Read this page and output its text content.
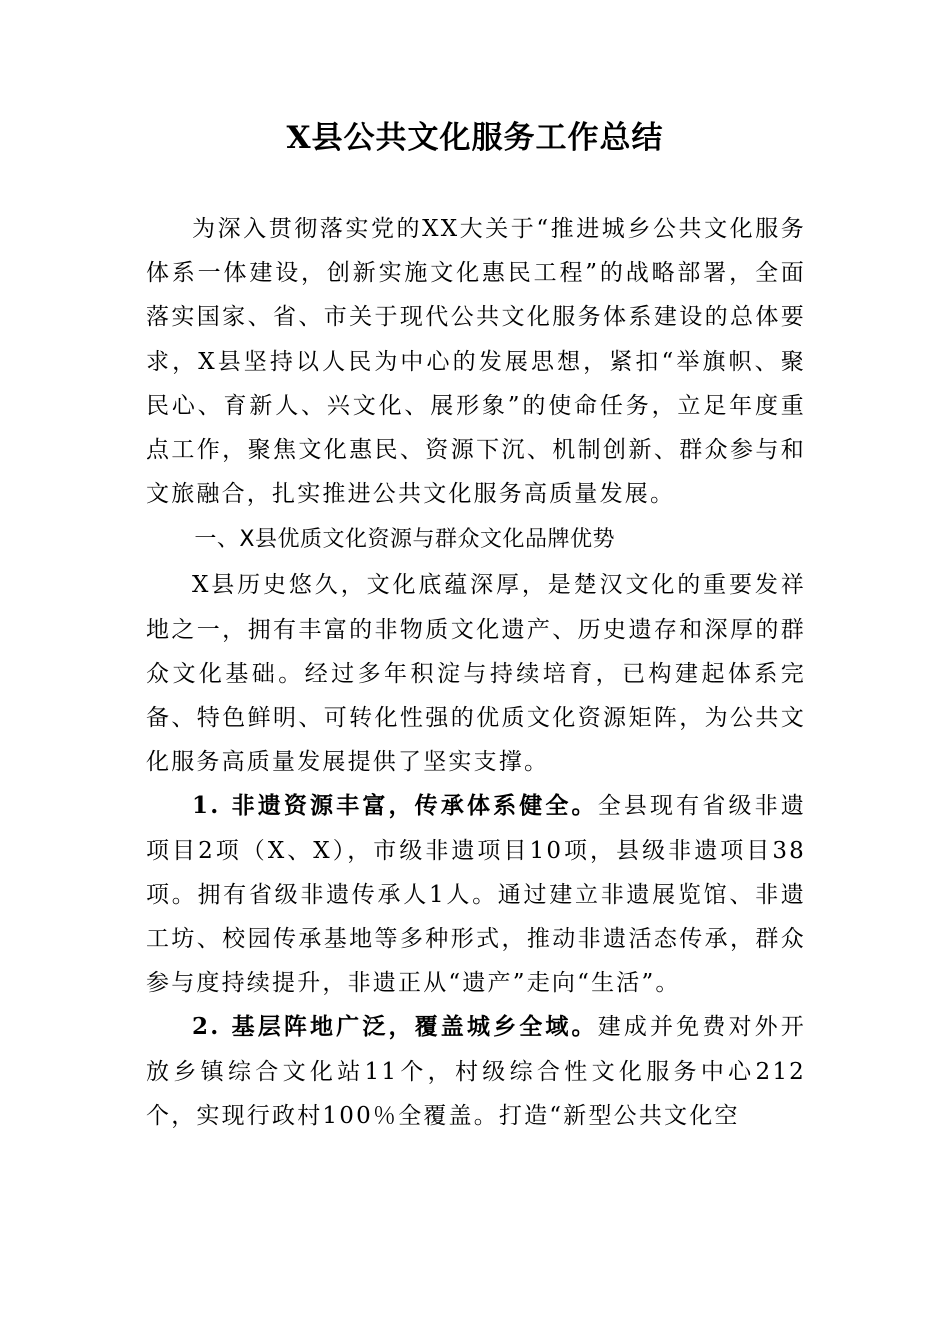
X县公共文化服务工作总结

为深入贯彻落实党的XX大关于“推进城乡公共文化服务体系一体建设，创新实施文化惠民工程”的战略部署，全面落实国家、省、市关于现代公共文化服务体系建设的总体要求，X县坚持以人民为中心的发展思想，紧扣“举旗帜、聚民心、育新人、兴文化、展形象”的使命任务，立足年度重点工作，聚焦文化惠民、资源下沉、机制创新、群众参与和文旅融合，扎实推进公共文化服务高质量发展。

一、X县优质文化资源与群众文化品牌优势

X县历史悠久，文化底蕴深厚，是楚汉文化的重要发祥地之一，拥有丰富的非物质文化遗产、历史遗存和深厚的群众文化基础。经过多年积淀与持续培育，已构建起体系完备、特色鲜明、可转化性强的优质文化资源矩阵，为公共文化服务高质量发展提供了坚实支撑。

1. 非遗资源丰富，传承体系健全。全县现有省级非遗项目2项（X、X），市级非遗项目10项，县级非遗项目38项。拥有省级非遗传承人1人。通过建立非遗展览馆、非遗工坊、校园传承基地等多种形式，推动非遗活态传承，群众参与度持续提升，非遗正从“遗产”走向“生活”。

2. 基层阵地广泛，覆盖城乡全域。建成并免费对外开放乡镇综合文化站11个，村级综合性文化服务中心212个，实现行政村100％全覆盖。打造“新型公共文化空
